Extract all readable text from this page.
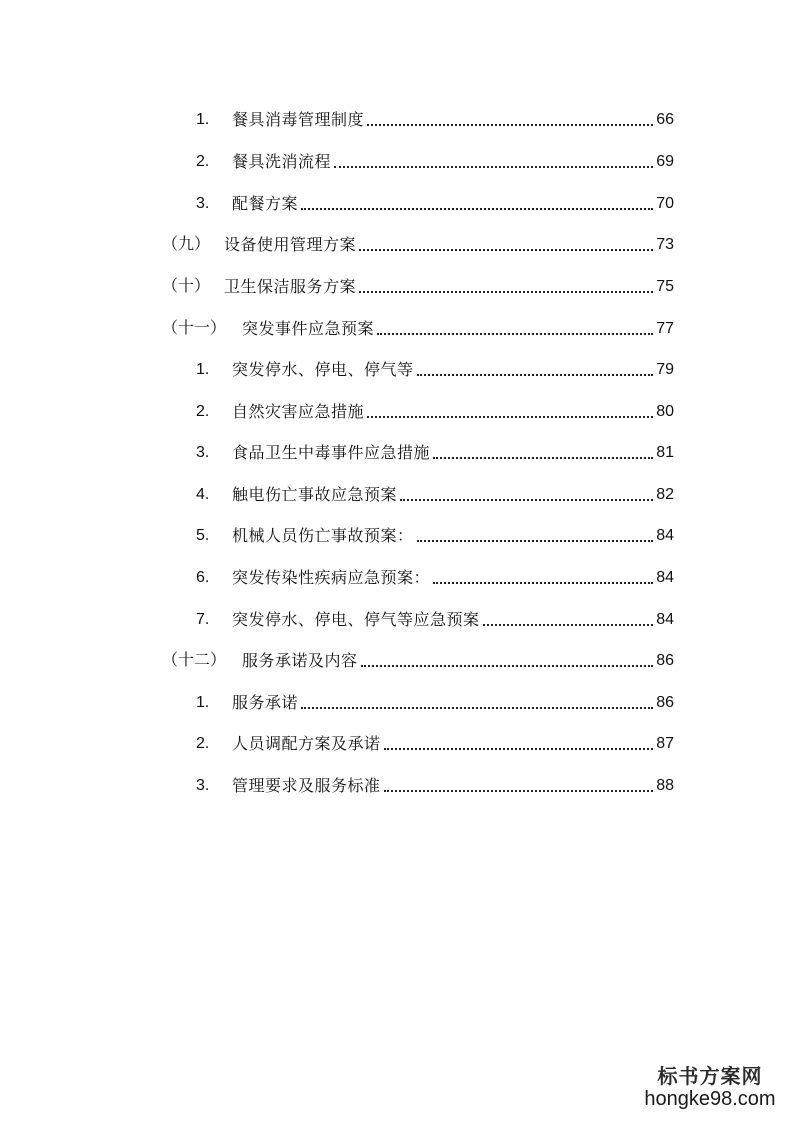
1.	餐具消毒管理制度	66
2.	餐具洗消流程	69
3.	配餐方案	70
（九） 设备使用管理方案	73
（十） 卫生保洁服务方案	75
（十一） 突发事件应急预案	77
1.	突发停水、停电、停气等	79
2.	自然灾害应急措施	80
3.	食品卫生中毒事件应急措施	81
4.	触电伤亡事故应急预案	82
5.	机械人员伤亡事故预案：	84
6.	突发传染性疾病应急预案：	84
7.	突发停水、停电、停气等应急预案	84
（十二） 服务承诺及内容	86
1.	服务承诺	86
2.	人员调配方案及承诺	87
3.	管理要求及服务标准	88
标书方案网
hongke98.com
